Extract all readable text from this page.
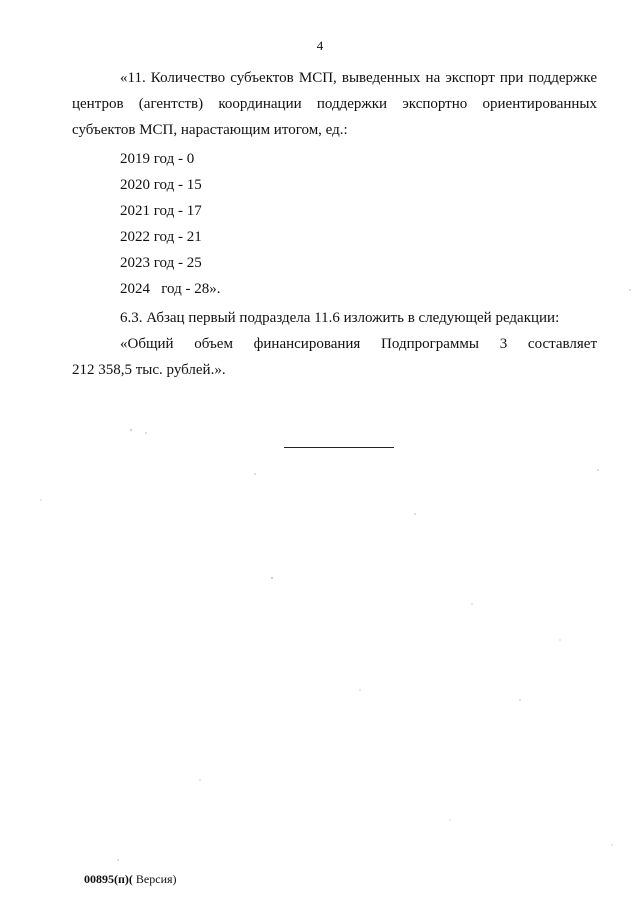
4
«11. Количество субъектов МСП, выведенных на экспорт при поддержке центров (агентств) координации поддержки экспортно ориентированных субъектов МСП, нарастающим итогом, ед.:
2019 год - 0
2020 год - 15
2021 год - 17
2022 год - 21
2023 год - 25
2024   год - 28».
6.3. Абзац первый подраздела 11.6 изложить в следующей редакции:
«Общий объем финансирования Подпрограммы 3 составляет
212 358,5 тыс. рублей.».
00895(п)( Версия)
